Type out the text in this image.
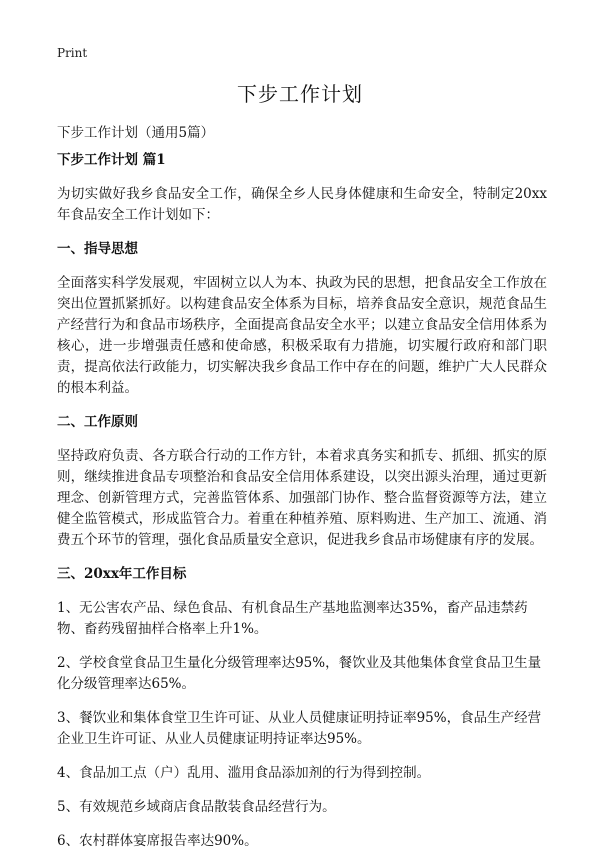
Print
下步工作计划
下步工作计划（通用5篇）
下步工作计划 篇1
为切实做好我乡食品安全工作，确保全乡人民身体健康和生命安全，特制定20xx年食品安全工作计划如下：
一、指导思想
全面落实科学发展观，牢固树立以人为本、执政为民的思想，把食品安全工作放在突出位置抓紧抓好。以构建食品安全体系为目标，培养食品安全意识，规范食品生产经营行为和食品市场秩序，全面提高食品安全水平；以建立食品安全信用体系为核心，进一步增强责任感和使命感，积极采取有力措施，切实履行政府和部门职责，提高依法行政能力，切实解决我乡食品工作中存在的问题，维护广大人民群众的根本利益。
二、工作原则
坚持政府负责、各方联合行动的工作方针，本着求真务实和抓专、抓细、抓实的原则，继续推进食品专项整治和食品安全信用体系建设，以突出源头治理，通过更新理念、创新管理方式，完善监管体系、加强部门协作、整合监督资源等方法，建立健全监管模式，形成监管合力。着重在种植养殖、原料购进、生产加工、流通、消费五个环节的管理，强化食品质量安全意识，促进我乡食品市场健康有序的发展。
三、20xx年工作目标
1、无公害农产品、绿色食品、有机食品生产基地监测率达35%，畜产品违禁药物、畜药残留抽样合格率上升1%。
2、学校食堂食品卫生量化分级管理率达95%，餐饮业及其他集体食堂食品卫生量化分级管理率达65%。
3、餐饮业和集体食堂卫生许可证、从业人员健康证明持证率95%，食品生产经营企业卫生许可证、从业人员健康证明持证率达95%。
4、食品加工点（户）乱用、滥用食品添加剂的行为得到控制。
5、有效规范乡域商店食品散装食品经营行为。
6、农村群体宴席报告率达90%。
